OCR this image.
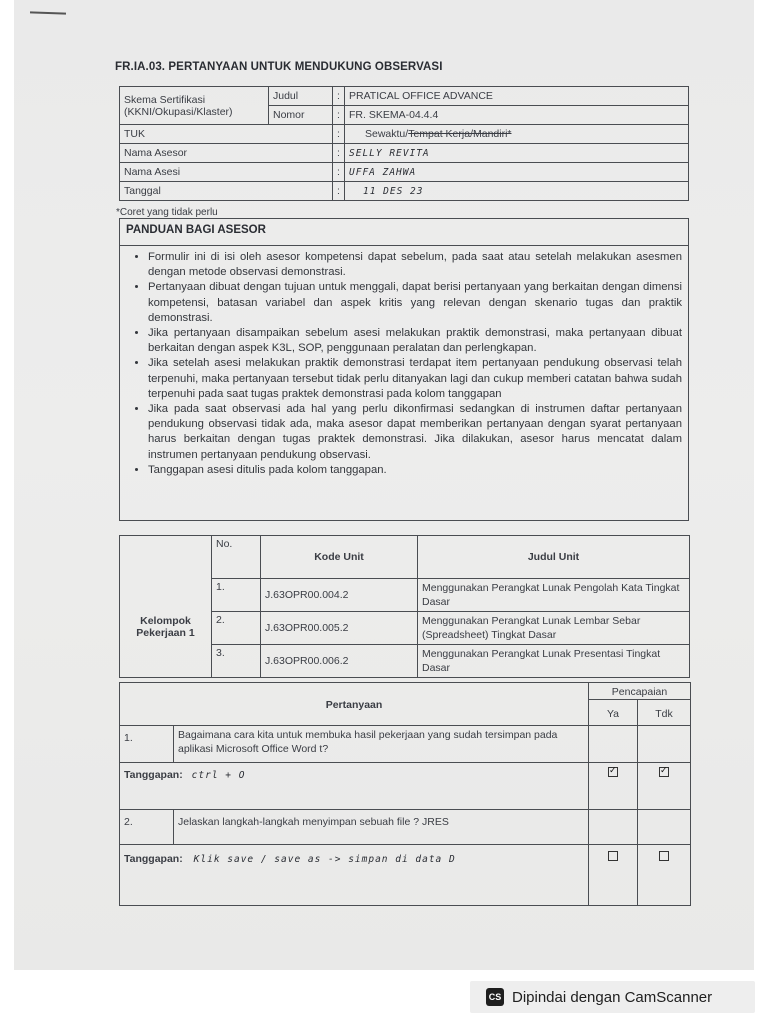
FR.IA.03. PERTANYAAN UNTUK MENDUKUNG OBSERVASI
Skema Sertifikasi
(KKNI/Okupasi/Klaster)	Judul	:	PRATICAL OFFICE ADVANCE
	Nomor	:	FR. SKEMA-04.4.4
TUK		:	Sewaktu/Tempat Kerja/Mandiri*
Nama Asesor		:	SELLY REVITA
Nama Asesi		:	UFFA ZAHWA
Tanggal		:	11 DES 23
*Coret yang tidak perlu
PANDUAN BAGI ASESOR
• Formulir ini di isi oleh asesor kompetensi dapat sebelum, pada saat atau setelah melakukan asesmen dengan metode observasi demonstrasi.
• Pertanyaan dibuat dengan tujuan untuk menggali, dapat berisi pertanyaan yang berkaitan dengan dimensi kompetensi, batasan variabel dan aspek kritis yang relevan dengan skenario tugas dan praktik demonstrasi.
• Jika pertanyaan disampaikan sebelum asesi melakukan praktik demonstrasi, maka pertanyaan dibuat berkaitan dengan aspek K3L, SOP, penggunaan peralatan dan perlengkapan.
• Jika setelah asesi melakukan praktik demonstrasi terdapat item pertanyaan pendukung observasi telah terpenuhi, maka pertanyaan tersebut tidak perlu ditanyakan lagi dan cukup memberi catatan bahwa sudah terpenuhi pada saat tugas praktek demonstrasi pada kolom tanggapan
• Jika pada saat observasi ada hal yang perlu dikonfirmasi sedangkan di instrumen daftar pertanyaan pendukung observasi tidak ada, maka asesor dapat memberikan pertanyaan dengan syarat pertanyaan harus berkaitan dengan tugas praktek demonstrasi. Jika dilakukan, asesor harus mencatat dalam instrumen pertanyaan pendukung observasi.
• Tanggapan asesi ditulis pada kolom tanggapan.
Kelompok
Pekerjaan 1	No.	Kode Unit	Judul Unit
	1.	J.63OPR00.004.2	Menggunakan Perangkat Lunak Pengolah Kata Tingkat Dasar
	2.	J.63OPR00.005.2	Menggunakan Perangkat Lunak Lembar Sebar (Spreadsheet) Tingkat Dasar
	3.	J.63OPR00.006.2	Menggunakan Perangkat Lunak Presentasi Tingkat Dasar
Pertanyaan		Pencapaian	
		Ya	Tdk
1.	Bagaimana cara kita untuk membuka hasil pekerjaan yang sudah tersimpan pada aplikasi Microsoft Office Word t?		
Tanggapan: ctrl + O	✓	✓
2.	Jelaskan langkah-langkah menyimpan sebuah file ? JRES		
Tanggapan: Klik save / save as -> simpan di data D			
CS Dipindai dengan CamScanner
